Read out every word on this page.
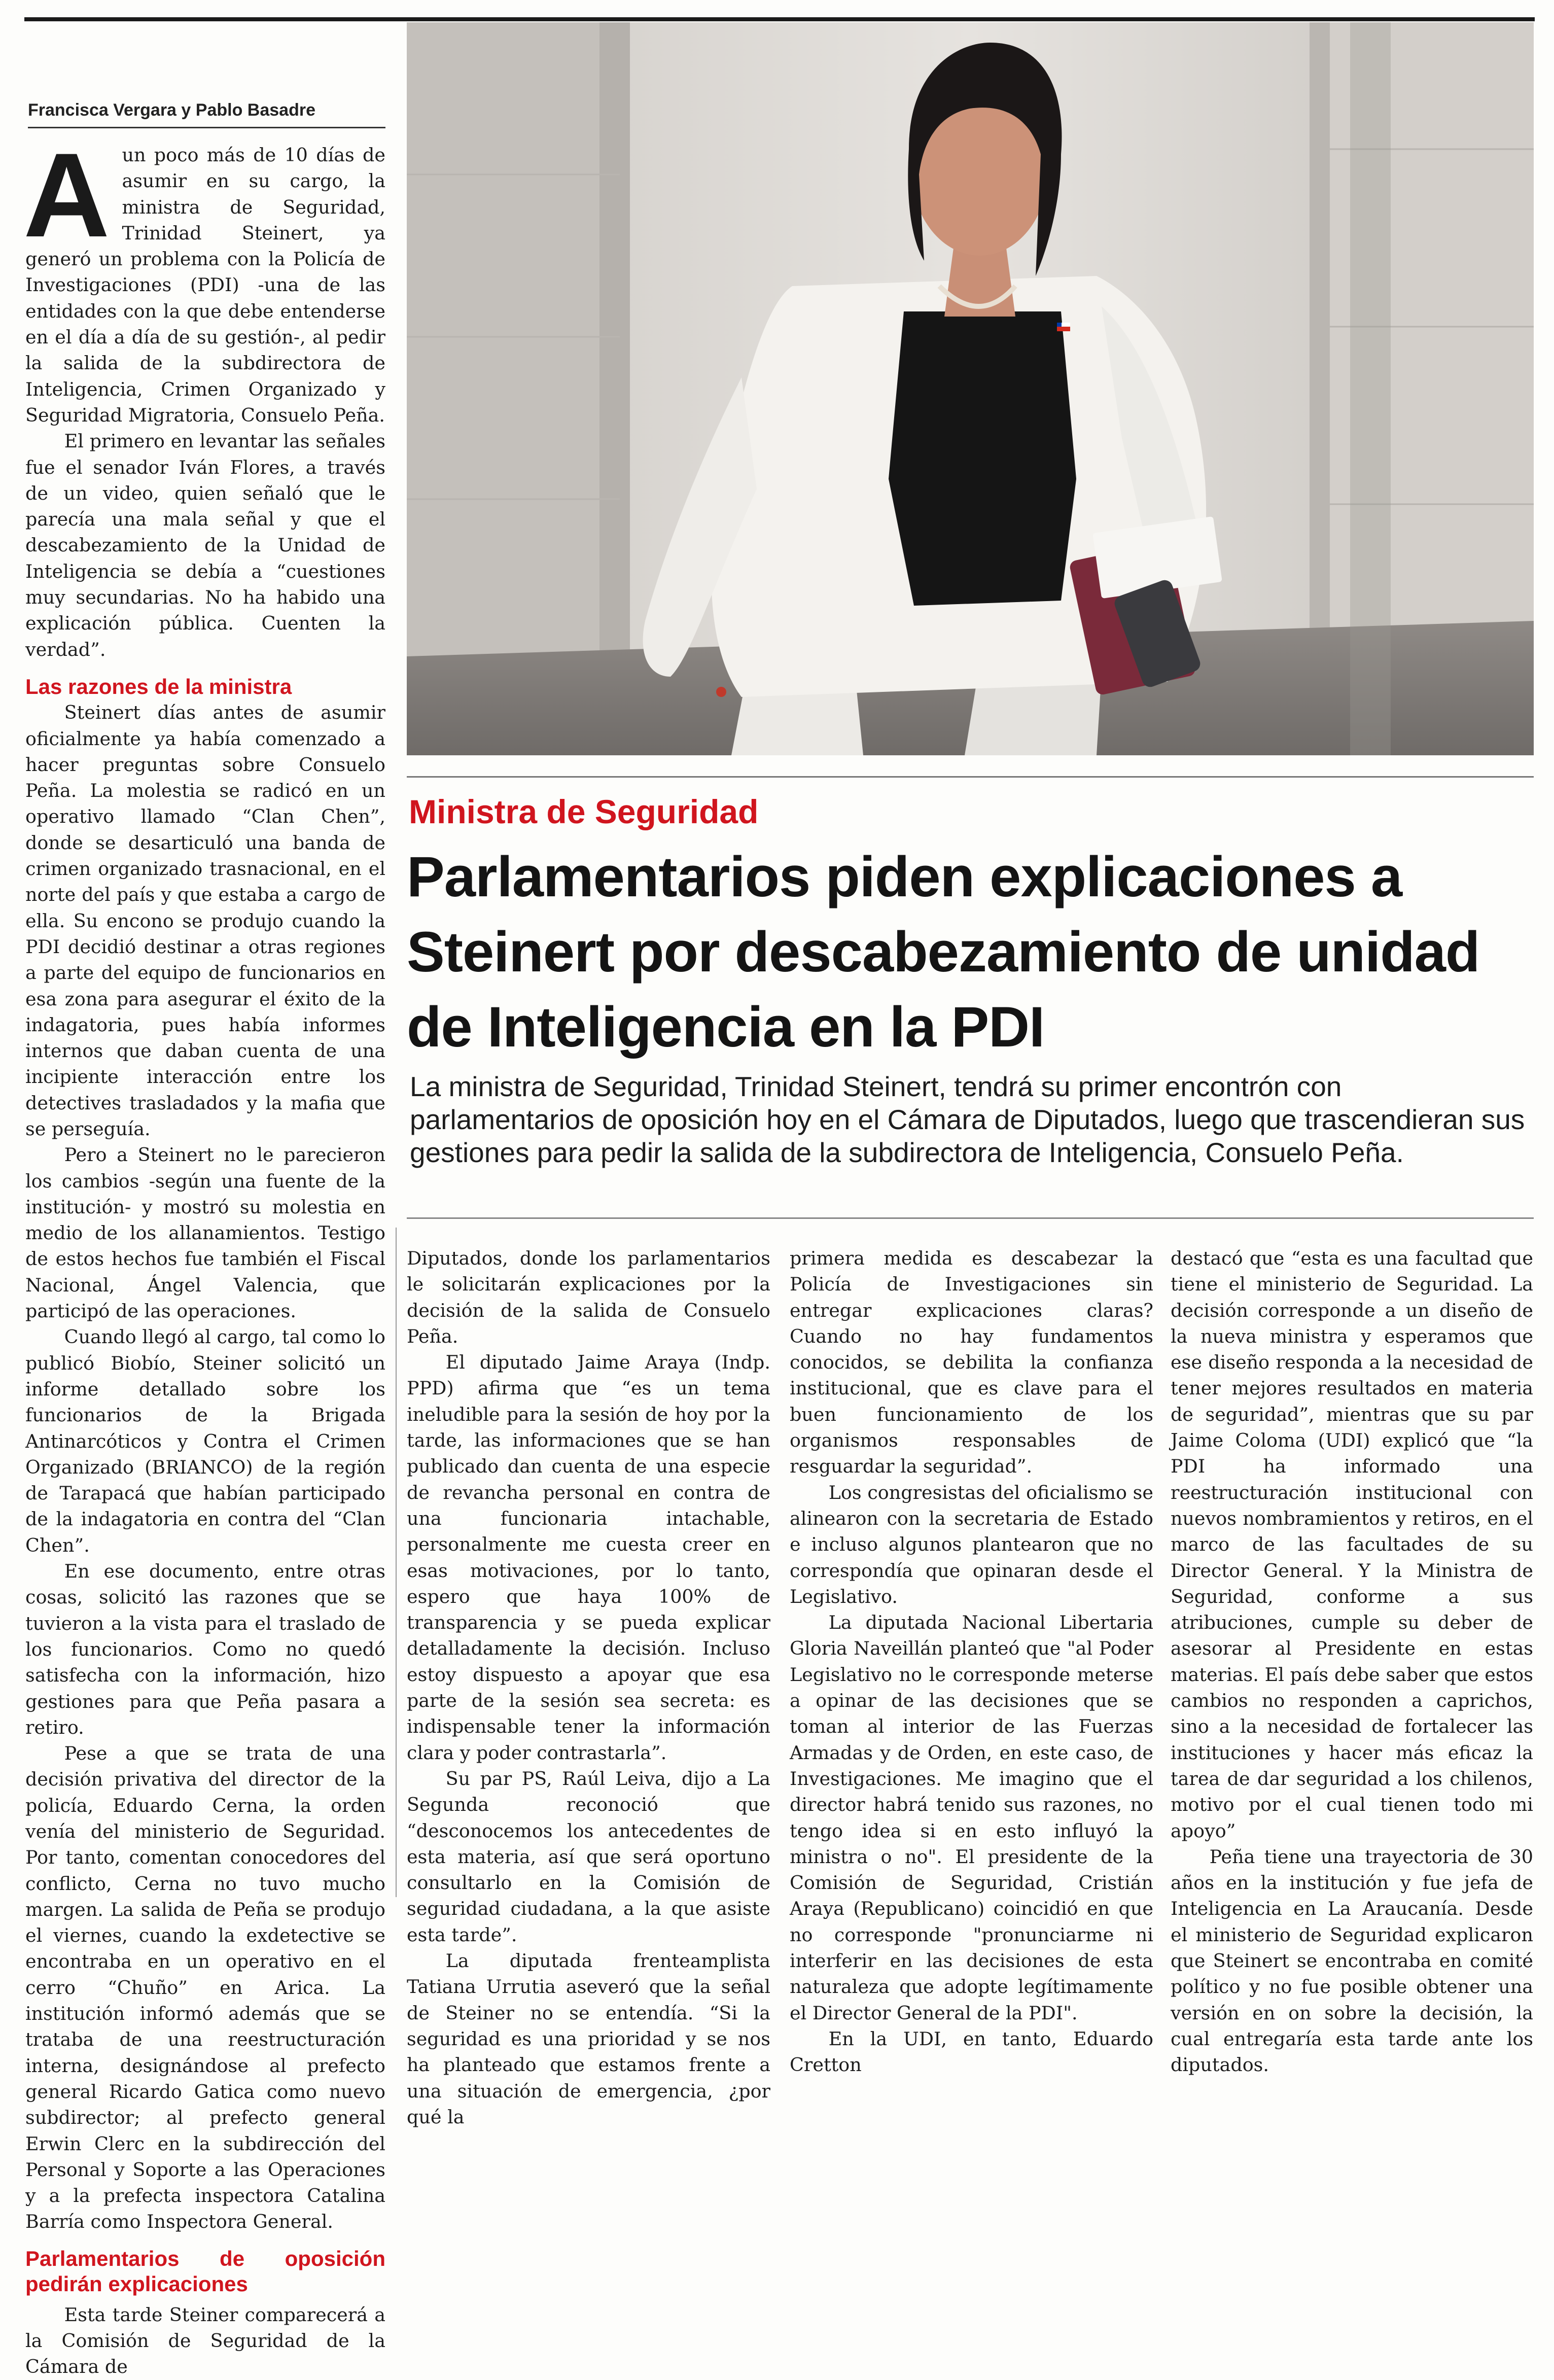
Francisca Vergara y Pablo Basadre

Aun poco más de 10 días de asumir en su cargo, la ministra de Seguridad, Trinidad Steinert, ya generó un problema con la Policía de Investigaciones (PDI) -una de las entidades con la que debe entenderse en el día a día de su gestión-, al pedir la salida de la subdirectora de Inteligencia, Crimen Organizado y Seguridad Migratoria, Consuelo Peña.

El primero en levantar las señales fue el senador Iván Flores, a través de un video, quien señaló que le parecía una mala señal y que el descabezamiento de la Unidad de Inteligencia se debía a “cuestiones muy secundarias. No ha habido una explicación pública. Cuenten la verdad”.

Las razones de la ministra

Steinert días antes de asumir oficialmente ya había comenzado a hacer preguntas sobre Consuelo Peña. La molestia se radicó en un operativo llamado “Clan Chen”, donde se desarticuló una banda de crimen organizado trasnacional, en el norte del país y que estaba a cargo de ella. Su encono se produjo cuando la PDI decidió destinar a otras regiones a parte del equipo de funcionarios en esa zona para asegurar el éxito de la indagatoria, pues había informes internos que daban cuenta de una incipiente interacción entre los detectives trasladados y la mafia que se perseguía.

Pero a Steinert no le parecieron los cambios -según una fuente de la institución- y mostró su molestia en medio de los allanamientos. Testigo de estos hechos fue también el Fiscal Nacional, Ángel Valencia, que participó de las operaciones.

Cuando llegó al cargo, tal como lo publicó Biobío, Steiner solicitó un informe detallado sobre los funcionarios de la Brigada Antinarcóticos y Contra el Crimen Organizado (BRIANCO) de la región de Tarapacá que habían participado de la indagatoria en contra del “Clan Chen”.

En ese documento, entre otras cosas, solicitó las razones que se tuvieron a la vista para el traslado de los funcionarios. Como no quedó satisfecha con la información, hizo gestiones para que Peña pasara a retiro.

Pese a que se trata de una decisión privativa del director de la policía, Eduardo Cerna, la orden venía del ministerio de Seguridad. Por tanto, comentan conocedores del conflicto, Cerna no tuvo mucho margen. La salida de Peña se produjo el viernes, cuando la exdetective se encontraba en un operativo en el cerro “Chuño” en Arica. La institución informó además que se trataba de una reestructuración interna, designándose al prefecto general Ricardo Gatica como nuevo subdirector; al prefecto general Erwin Clerc en la subdirección del Personal y Soporte a las Operaciones y a la prefecta inspectora Catalina Barría como Inspectora General.

Parlamentarios de oposición pedirán explicaciones

Esta tarde Steiner comparecerá a la Comisión de Seguridad de la Cámara de

Ministra de Seguridad
Parlamentarios piden explicaciones a Steinert por descabezamiento de unidad de Inteligencia en la PDI
La ministra de Seguridad, Trinidad Steinert, tendrá su primer encontrón con parlamentarios de oposición hoy en el Cámara de Diputados, luego que trascendieran sus gestiones para pedir la salida de la subdirectora de Inteligencia, Consuelo Peña.

Diputados, donde los parlamentarios le solicitarán explicaciones por la decisión de la salida de Consuelo Peña.

El diputado Jaime Araya (Indp. PPD) afirma que “es un tema ineludible para la sesión de hoy por la tarde, las informaciones que se han publicado dan cuenta de una especie de revancha personal en contra de una funcionaria intachable, personalmente me cuesta creer en esas motivaciones, por lo tanto, espero que haya 100% de transparencia y se pueda explicar detalladamente la decisión. Incluso estoy dispuesto a apoyar que esa parte de la sesión sea secreta: es indispensable tener la información clara y poder contrastarla”.

Su par PS, Raúl Leiva, dijo a La Segunda reconoció que “desconocemos los antecedentes de esta materia, así que será oportuno consultarlo en la Comisión de seguridad ciudadana, a la que asiste esta tarde”.

La diputada frenteamplista Tatiana Urrutia aseveró que la señal de Steiner no se entendía. “Si la seguridad es una prioridad y se nos ha planteado que estamos frente a una situación de emergencia, ¿por qué la

primera medida es descabezar la Policía de Investigaciones sin entregar explicaciones claras? Cuando no hay fundamentos conocidos, se debilita la confianza institucional, que es clave para el buen funcionamiento de los organismos responsables de resguardar la seguridad”.

Los congresistas del oficialismo se alinearon con la secretaria de Estado e incluso algunos plantearon que no correspondía que opinaran desde el Legislativo.

La diputada Nacional Libertaria Gloria Naveillán planteó que "al Poder Legislativo no le corresponde meterse a opinar de las decisiones que se toman al interior de las Fuerzas Armadas y de Orden, en este caso, de Investigaciones. Me imagino que el director habrá tenido sus razones, no tengo idea si en esto influyó la ministra o no". El presidente de la Comisión de Seguridad, Cristián Araya (Republicano) coincidió en que no corresponde "pronunciarme ni interferir en las decisiones de esta naturaleza que adopte legítimamente el Director General de la PDI".

En la UDI, en tanto, Eduardo Cretton

destacó que “esta es una facultad que tiene el ministerio de Seguridad. La decisión corresponde a un diseño de la nueva ministra y esperamos que ese diseño responda a la necesidad de tener mejores resultados en materia de seguridad”, mientras que su par Jaime Coloma (UDI) explicó que “la PDI ha informado una reestructuración institucional con nuevos nombramientos y retiros, en el marco de las facultades de su Director General. Y la Ministra de Seguridad, conforme a sus atribuciones, cumple su deber de asesorar al Presidente en estas materias. El país debe saber que estos cambios no responden a caprichos, sino a la necesidad de fortalecer las instituciones y hacer más eficaz la tarea de dar seguridad a los chilenos, motivo por el cual tienen todo mi apoyo”

Peña tiene una trayectoria de 30 años en la institución y fue jefa de Inteligencia en La Araucanía. Desde el ministerio de Seguridad explicaron que Steinert se encontraba en comité político y no fue posible obtener una versión en on sobre la decisión, la cual entregaría esta tarde ante los diputados.
